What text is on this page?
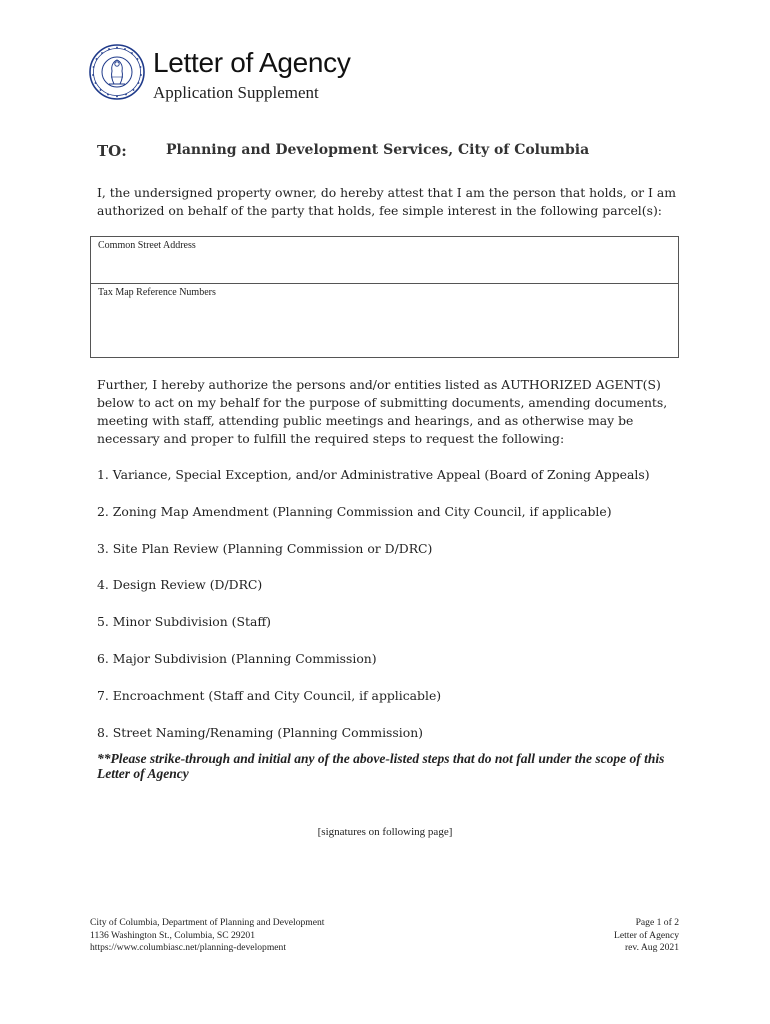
Letter of Agency
Application Supplement
TO:	Planning and Development Services, City of Columbia
I, the undersigned property owner, do hereby attest that I am the person that holds, or I am authorized on behalf of the party that holds, fee simple interest in the following parcel(s):
Common Street Address
Tax Map Reference Numbers
Further, I hereby authorize the persons and/or entities listed as AUTHORIZED AGENT(S) below to act on my behalf for the purpose of submitting documents, amending documents, meeting with staff, attending public meetings and hearings, and as otherwise may be necessary and proper to fulfill the required steps to request the following:
1. Variance, Special Exception, and/or Administrative Appeal (Board of Zoning Appeals)
2. Zoning Map Amendment (Planning Commission and City Council, if applicable)
3. Site Plan Review (Planning Commission or D/DRC)
4. Design Review (D/DRC)
5. Minor Subdivision (Staff)
6. Major Subdivision (Planning Commission)
7. Encroachment (Staff and City Council, if applicable)
8. Street Naming/Renaming (Planning Commission)
**Please strike-through and initial any of the above-listed steps that do not fall under the scope of this Letter of Agency
[signatures on following page]
City of Columbia, Department of Planning and Development
1136 Washington St., Columbia, SC 29201
https://www.columbiasc.net/planning-development
Page 1 of 2
Letter of Agency
rev. Aug 2021
